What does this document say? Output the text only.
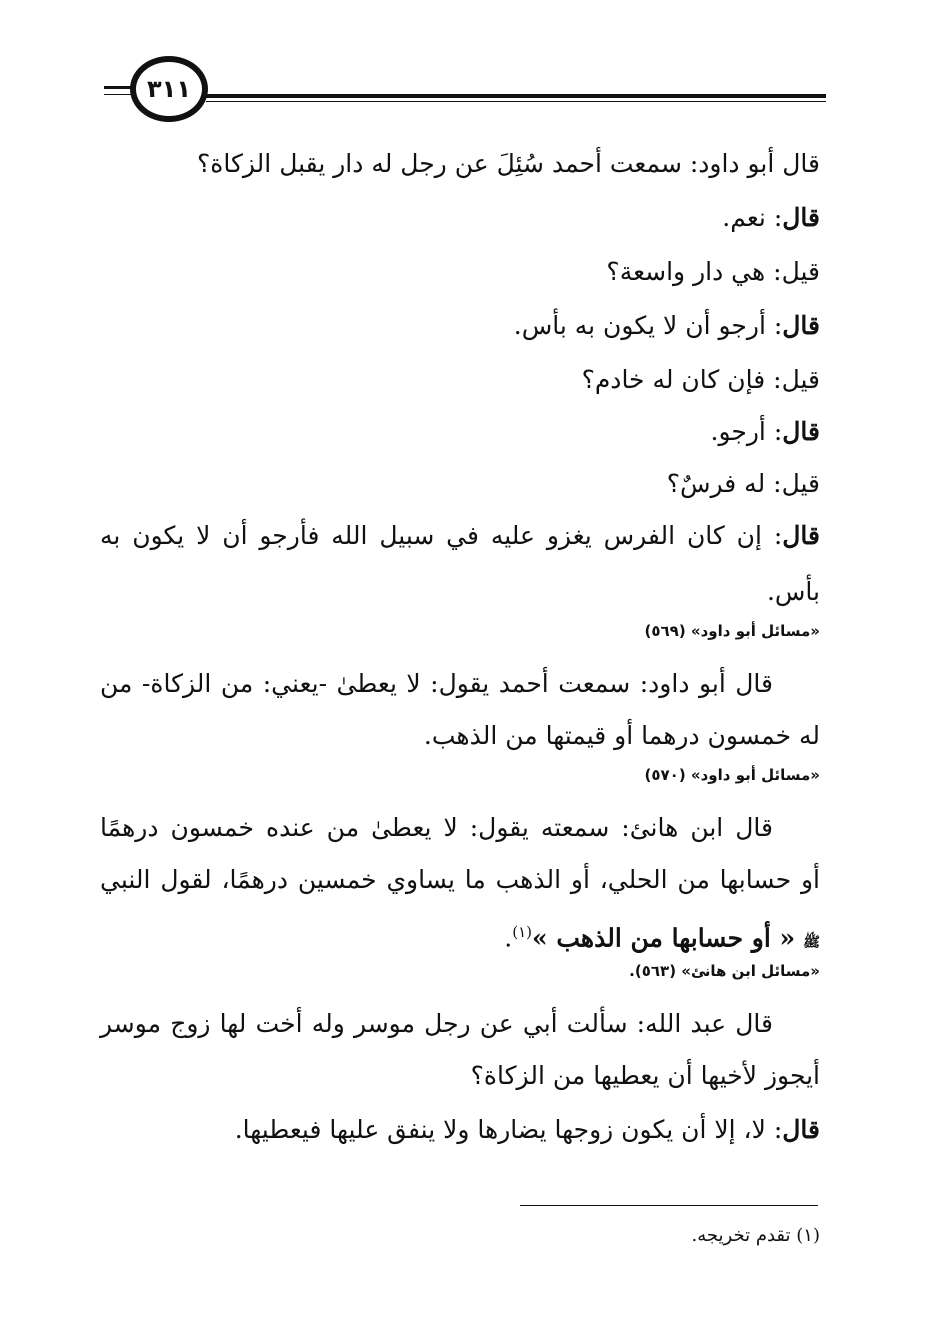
٣١١

قال أبو داود: سمعت أحمد سُئِلَ عن رجل له دار يقبل الزكاة؟

قال: نعم.

قيل: هي دار واسعة؟

قال: أرجو أن لا يكون به بأس.

قيل: فإن كان له خادم؟

قال: أرجو.

قيل: له فرسٌ؟

قال: إن كان الفرس يغزو عليه في سبيل الله فأرجو أن لا يكون به

بأس.

«مسائل أبو داود» (٥٦٩)

قال أبو داود: سمعت أحمد يقول: لا يعطىٰ -يعني: من الزكاة- من

له خمسون درهما أو قيمتها من الذهب.

«مسائل أبو داود» (٥٧٠)

قال ابن هانئ: سمعته يقول: لا يعطىٰ من عنده خمسون درهمًا

أو حسابها من الحلي، أو الذهب ما يساوي خمسين درهمًا، لقول النبي

ﷺ « أو حسابها من الذهب »$^{(١)}$.

«مسائل ابن هانئ» (٥٦٣).

قال عبد الله: سألت أبي عن رجل موسر وله أخت لها زوج موسر

أيجوز لأخيها أن يعطيها من الزكاة؟

قال: لا، إلا أن يكون زوجها يضارها ولا ينفق عليها فيعطيها.

(١) تقدم تخريجه.
